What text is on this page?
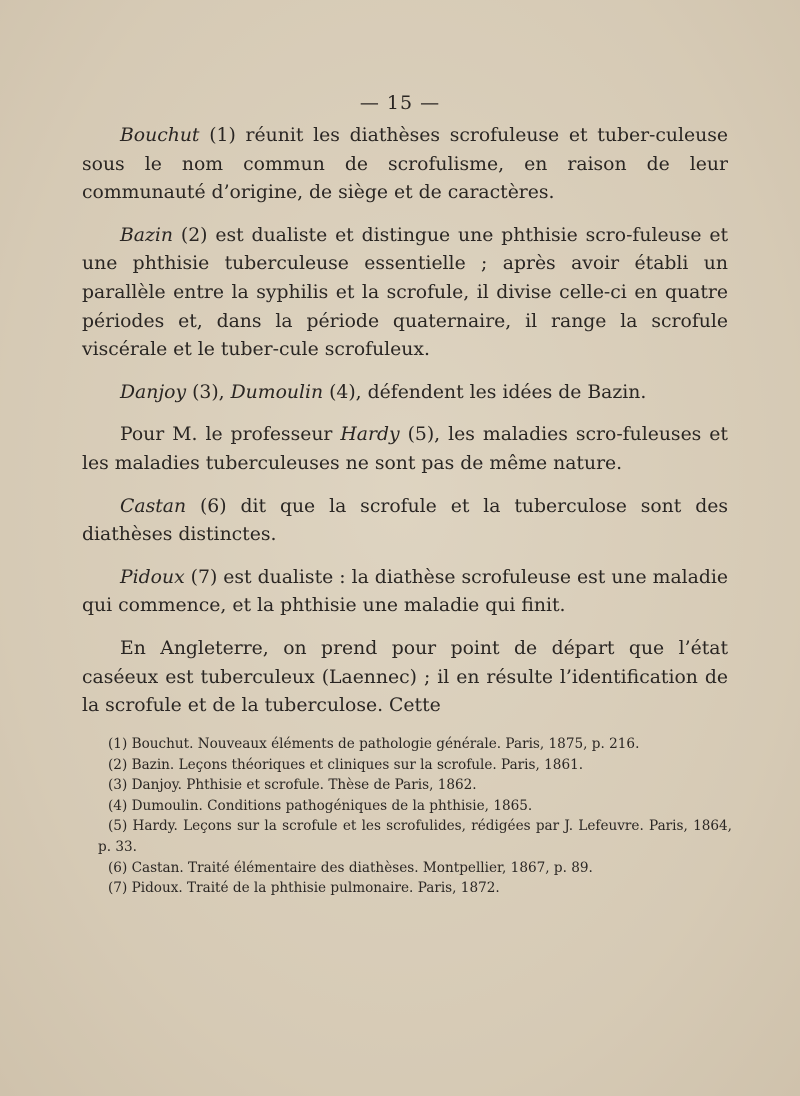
— 15 —

Bouchut (1) réunit les diathèses scrofuleuse et tuber-culeuse sous le nom commun de scrofulisme, en raison de leur communauté d’origine, de siège et de caractères.

Bazin (2) est dualiste et distingue une phthisie scro-fuleuse et une phthisie tuberculeuse essentielle ; après avoir établi un parallèle entre la syphilis et la scrofule, il divise celle-ci en quatre périodes et, dans la période quaternaire, il range la scrofule viscérale et le tuber-cule scrofuleux.

Danjoy (3), Dumoulin (4), défendent les idées de Bazin.

Pour M. le professeur Hardy (5), les maladies scro-fuleuses et les maladies tuberculeuses ne sont pas de même nature.

Castan (6) dit que la scrofule et la tuberculose sont des diathèses distinctes.

Pidoux (7) est dualiste : la diathèse scrofuleuse est une maladie qui commence, et la phthisie une maladie qui finit.

En Angleterre, on prend pour point de départ que l’état caséeux est tuberculeux (Laennec) ; il en résulte l’identification de la scrofule et de la tuberculose. Cette

(1) Bouchut. Nouveaux éléments de pathologie générale. Paris, 1875, p. 216.

(2) Bazin. Leçons théoriques et cliniques sur la scrofule. Paris, 1861.

(3) Danjoy. Phthisie et scrofule. Thèse de Paris, 1862.

(4) Dumoulin. Conditions pathogéniques de la phthisie, 1865.

(5) Hardy. Leçons sur la scrofule et les scrofulides, rédigées par J. Lefeuvre. Paris, 1864, p. 33.

(6) Castan. Traité élémentaire des diathèses. Montpellier, 1867, p. 89.

(7) Pidoux. Traité de la phthisie pulmonaire. Paris, 1872.
